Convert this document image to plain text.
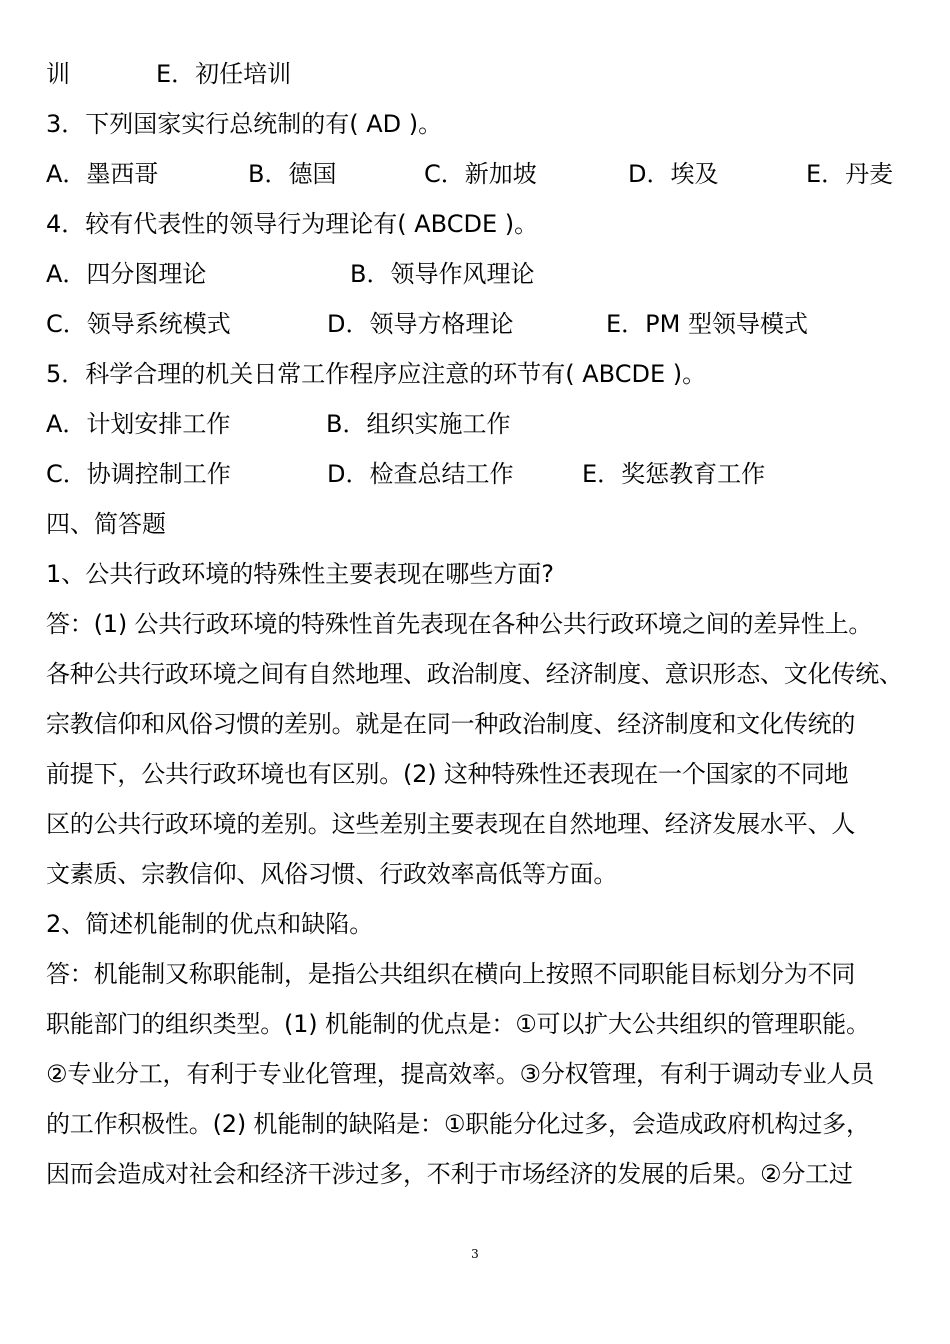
训	E．初任培训
3．下列国家实行总统制的有( AD )。
A．墨西哥	B．德国	C．新加坡	D．埃及	E．丹麦
4．较有代表性的领导行为理论有( ABCDE )。
A．四分图理论	B．领导作风理论
C．领导系统模式	D．领导方格理论	E．PM 型领导模式
5．科学合理的机关日常工作程序应注意的环节有( ABCDE )。
A．计划安排工作	B．组织实施工作
C．协调控制工作	D．检查总结工作	E．奖惩教育工作
四、简答题
1、公共行政环境的特殊性主要表现在哪些方面?
答：(1) 公共行政环境的特殊性首先表现在各种公共行政环境之间的差异性上。
各种公共行政环境之间有自然地理、政治制度、经济制度、意识形态、文化传统、
宗教信仰和风俗习惯的差别。就是在同一种政治制度、经济制度和文化传统的
前提下，公共行政环境也有区别。(2) 这种特殊性还表现在一个国家的不同地
区的公共行政环境的差别。这些差别主要表现在自然地理、经济发展水平、人
文素质、宗教信仰、风俗习惯、行政效率高低等方面。
2、简述机能制的优点和缺陷。
答：机能制又称职能制，是指公共组织在横向上按照不同职能目标划分为不同
职能部门的组织类型。(1) 机能制的优点是：①可以扩大公共组织的管理职能。
②专业分工，有利于专业化管理，提高效率。③分权管理，有利于调动专业人员
的工作积极性。(2) 机能制的缺陷是：①职能分化过多，会造成政府机构过多，
因而会造成对社会和经济干涉过多，不利于市场经济的发展的后果。②分工过
3
